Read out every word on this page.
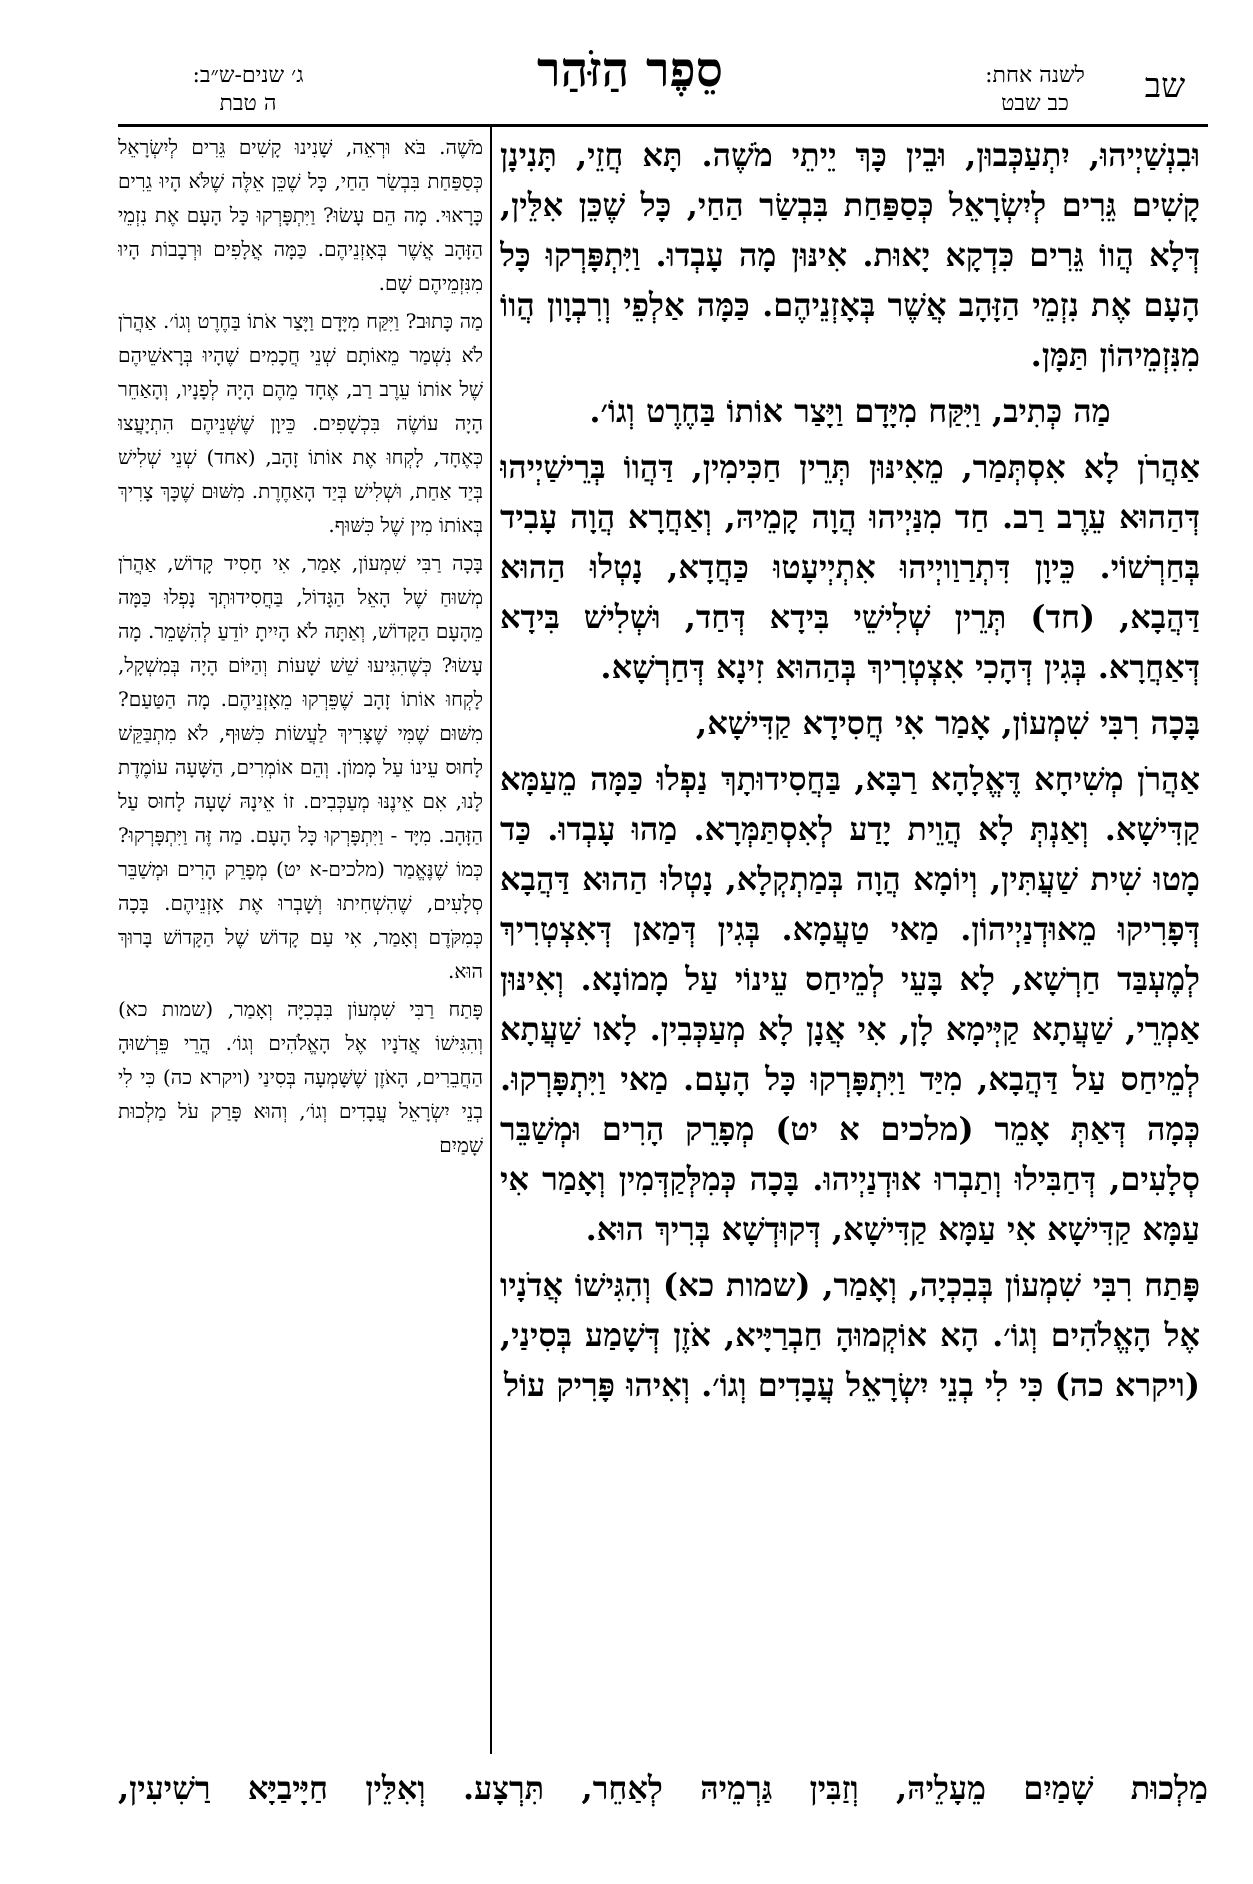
שב
לשנה אחת:
כב שבט
סֵפֶר הַזֹּהַר
ג׳ שנים-ש״ב:
ה טבת

וּבִנְשַׁיְיהוּ, יִתְעַכְּבוּן, וּבֵין כָּךְ יֵיתֵי מֹשֶׁה. תָּא חֲזֵי, תָּנִינָן קָשִׁים גֵּרִים לְיִשְׂרָאֵל כְּסַפַּחַת בִּבְשַׂר הַחַי, כָּל שֶׁכֵּן אִלֵּין, דְּלָא הֲווֹ גֵּרִים כִּדְקָא יָאוּת. אִינּוּן מָה עָבְדוּ. וַיִּתְפָּרְקוּ כָּל הָעָם אֶת נִזְמֵי הַזָּהָב אֲשֶׁר בְּאָזְנֵיהֶם. כַּמָּה אַלְפֵי וְרִבְוָון הֲווֹ מִנִּזְמֵיהוֹן תַּמָּן.

מַה כְּתִיב, וַיִּקַּח מִיָּדָם וַיָּצַר אוֹתוֹ בַּחֶרֶט וְגוֹ׳.

אַהֲרֹן לָא אִסְתְּמַר, מֵאִינּוּן תְּרֵין חַכִּימִין, דַּהֲווֹ בְּרֵישַׁיְיהוּ דְּהַהוּא עֵרֶב רַב. חַד מִנַּיְיהוּ הֲוָה קָמֵיהּ, וְאַחֲרָא הֲוָה עָבִיד בְּחַרְשׁוֹי. כֵּיוָן דִּתְרַוַויְיהוּ אִתְיְיעָטוּ כַּחֲדָא, נָטְלוּ הַהוּא דַּהֲבָא, (חד) תְּרֵין שְׁלִישֵׁי בִּידָא דְּחַד, וּשְׁלִישׁ בִּידָא דְּאַחֲרָא. בְּגִין דְּהָכִי אִצְטְרִיךְ בְּהַהוּא זִינָא דְּחַרְשָׁא.

בָּכָה רִבִּי שִׁמְעוֹן, אָמַר אִי חֲסִידָא קַדִּישָׁא,

אַהֲרֹן מְשִׁיחָא דֶּאֱלָהָא רַבָּא, בַּחֲסִידוּתָךְ נַפְלוּ כַּמָּה מֵעַמָּא קַדִּישָׁא. וְאַנְתְּ לָא הֲוֵית יָדַע לְאִסְתַּמְּרָא. מַהוּ עָבְדוּ. כַּד מָטוּ שִׁית שַׁעֲתִּין, וְיוֹמָא הֲוָה בְּמַתְקְלָא, נָטְלוּ הַהוּא דַּהֲבָא דְּפָרִיקוּ מֵאוּדְנַיְיהוֹן. מַאי טַעֲמָא. בְּגִין דְּמַאן דְּאִצְטְרִיךְ לְמֶעְבַּד חַרְשָׁא, לָא בָּעֵי לְמֵיחַס עֵינוֹי עַל מָמוֹנָא. וְאִינּוּן אַמְרֵי, שַׁעֲתָא קַיְּימָא לָן, אִי אֲנָן לָא מְעַכְּבִין. לָאו שַׁעֲתָא לְמֵיחַס עַל דַּהֲבָא, מִיַּד וַיִּתְפָּרְקוּ כָּל הָעָם. מַאי וַיִּתְפָּרְקוּ. כְּמָה דְּאַתְּ אָמֵר (מלכים א יט) מְפָרֵק הָרִים וּמְשַׁבֵּר סְלָעִים, דְּחַבִּילוּ וְתַבְרוּ אוּדְנַיְיהוּ. בָּכָה כְּמִלְּקַדְּמִין וְאָמַר אִי עַמָּא קַדִּישָׁא אִי עַמָּא קַדִּישָׁא, דְּקוּדְשָׁא בְּרִיךְ הוּא.

פָּתַח רִבִּי שִׁמְעוֹן בְּבִכְיָה, וְאָמַר, (שמות כא) וְהִגִּישׁוֹ אֲדֹנָיו אֶל הָאֱלֹהִים וְגוֹ׳. הָא אוֹקְמוּהָ חַבְרַיָּיא, אֹזֶן דְּשָׁמַע בְּסִינַי, (ויקרא כה) כִּי לִי בְנֵי יִשְׂרָאֵל עֲבָדִים וְגוֹ׳. וְאִיהוּ פָּרִיק עוֹל

מֹשֶׁה. בֹּא וּרְאֵה, שָׁנִינוּ קָשִׁים גֵּרִים לְיִשְׂרָאֵל כְּסַפַּחַת בִּבְשַׂר הַחַי, כָּל שֶׁכֵּן אֵלֶּה שֶׁלֹּא הָיוּ גֵרִים כָּרָאוּי. מָה הֵם עָשׂוּ? וַיִּתְפָּרְקוּ כָּל הָעָם אֶת נִזְמֵי הַזָּהָב אֲשֶׁר בְּאָזְנֵיהֶם. כַּמָּה אֲלָפִים וּרְבָבוֹת הָיוּ מִנִּזְמֵיהֶם שָׁם.

מַה כָּתוּב? וַיִּקַּח מִיָּדָם וַיָּצַר אֹתוֹ בַּחֶרֶט וְגוֹ׳. אַהֲרֹן לֹא נִשְׁמַר מֵאוֹתָם שְׁנֵי חֲכָמִים שֶׁהָיוּ בְּרָאשֵׁיהֶם שֶׁל אוֹתוֹ עֵרֶב רַב, אֶחָד מֵהֶם הָיָה לְפָנָיו, וְהָאַחֵר הָיָה עוֹשֶׂה בִּכְשָׁפִים. כֵּיוָן שֶׁשְּׁנֵיהֶם הִתְיָעֲצוּ כְּאֶחָד, לָקְחוּ אֶת אוֹתוֹ זָהָב, (אחד) שְׁנֵי שְׁלִישׁ בְּיַד אַחַת, וּשְׁלִישׁ בְּיַד הָאַחֶרֶת. מִשּׁוּם שֶׁכָּךְ צָרִיךְ בְּאוֹתוֹ מִין שֶׁל כִּשּׁוּף.

בָּכָה רַבִּי שִׁמְעוֹן, אָמַר, אִי חָסִיד קָדוֹשׁ, אַהֲרֹן מְשׁוּחַ שֶׁל הָאֵל הַגָּדוֹל, בַּחֲסִידוּתְךָ נָפְלוּ כַּמָּה מֵהָעָם הַקָּדוֹשׁ, וְאַתָּה לֹא הָיִיתָ יוֹדֵעַ לְהִשָּׁמֵר. מָה עָשׂוּ? כְּשֶׁהִגִּיעוּ שֵׁשׁ שָׁעוֹת וְהַיּוֹם הָיָה בְּמִשְׁקָל, לָקְחוּ אוֹתוֹ זָהָב שֶׁפֵּרְקוּ מֵאָזְנֵיהֶם. מָה הַטַּעַם? מִשּׁוּם שֶׁמִּי שֶׁצָּרִיךְ לַעֲשׂוֹת כִּשּׁוּף, לֹא מִתְבַּקֵּשׁ לָחוּס עֵינוֹ עַל מָמוֹן. וְהֵם אוֹמְרִים, הַשָּׁעָה עוֹמֶדֶת לָנוּ, אִם אֵינֶנּוּ מְעַכְּבִים. זוֹ אֵינָהּ שָׁעָה לָחוּס עַל הַזָּהָב. מִיָּד - וַיִּתְפָּרְקוּ כָּל הָעָם. מַה זֶּה וַיִּתְפָּרְקוּ? כְּמוֹ שֶׁנֶּאֱמַר (מלכים-א יט) מְפָרֵק הָרִים וּמְשַׁבֵּר סְלָעִים, שֶׁהִשְׁחִיתוּ וְשָׁבְרוּ אֶת אָזְנֵיהֶם. בָּכָה כְּמִקֹּדֶם וְאָמַר, אִי עַם קָדוֹשׁ שֶׁל הַקָּדוֹשׁ בָּרוּךְ הוּא.

פָּתַח רַבִּי שִׁמְעוֹן בִּבְכִיָּה וְאָמַר, (שמות כא) וְהִגִּישׁוֹ אֲדֹנָיו אֶל הָאֱלֹהִים וְגוֹ׳. הֲרֵי פֵּרְשׁוּהָ הַחֲבֵרִים, הָאֹזֶן שֶׁשָּׁמְעָה בְּסִינַי (ויקרא כה) כִּי לִי בְנֵי יִשְׂרָאֵל עֲבָדִים וְגוֹ׳, וְהוּא פָּרַק עֹל מַלְכוּת שָׁמַיִם

מַלְכוּת שָׁמַיִם מֵעָלֵיהּ, וְזַבִּין גַּרְמֵיהּ לְאַחֵר, תִּרְצָע. וְאִלֵּין חַיָּיבַיָּא רַשִׁיעִין,
